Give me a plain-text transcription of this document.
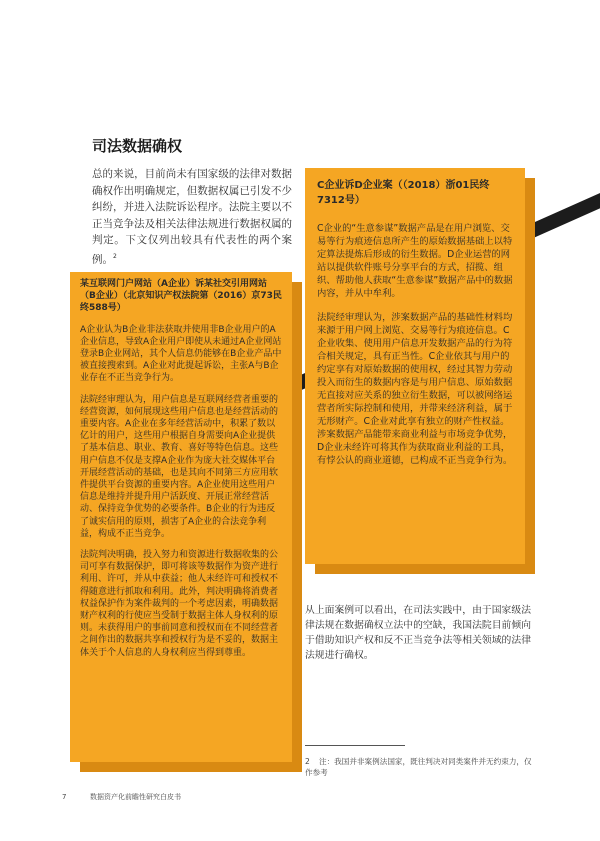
司法数据确权

总的来说，目前尚未有国家级的法律对数据确权作出明确规定，但数据权属已引发不少纠纷，并进入法院诉讼程序。法院主要以不正当竞争法及相关法律法规进行数据权属的判定。下文仅列出较具有代表性的两个案例。$^2$

某互联网门户网站（A企业）诉某社交引用网站（B企业）（北京知识产权法院第（2016）京73民终588号）

A企业认为B企业非法获取并使用非B企业用户的A企业信息，导致A企业用户即使从未通过A企业网站登录B企业网站，其个人信息仍能够在B企业产品中被直接搜索到。A企业对此提起诉讼，主张A与B企业存在不正当竞争行为。

法院经审理认为，用户信息是互联网经营者重要的经营资源，如何展现这些用户信息也是经营活动的重要内容。A企业在多年经营活动中，积累了数以亿计的用户，这些用户根据自身需要向A企业提供了基本信息、职业、教育、喜好等特色信息。这些用户信息不仅是支撑A企业作为庞大社交媒体平台开展经营活动的基础，也是其向不同第三方应用软件提供平台资源的重要内容。A企业使用这些用户信息是维持并提升用户活跃度、开展正常经营活动、保持竞争优势的必要条件。B企业的行为违反了诚实信用的原则，损害了A企业的合法竞争利益，构成不正当竞争。

法院判决明确，投入努力和资源进行数据收集的公司可享有数据保护，即可将该等数据作为资产进行利用、许可，并从中获益；他人未经许可和授权不得随意进行抓取和利用。此外，判决明确将消费者权益保护作为案件裁判的一个考虑因素，明确数据财产权利的行使应当受制于数据主体人身权利的原则。未获得用户的事前同意和授权而在不同经营者之间作出的数据共享和授权行为是不妥的，数据主体关于个人信息的人身权利应当得到尊重。

C企业诉D企业案（（2018）浙01民终7312号）

C企业的“生意参谋”数据产品是在用户浏览、交易等行为痕迹信息所产生的原始数据基础上以特定算法提炼后形成的衍生数据。D企业运营的网站以提供软件账号分享平台的方式，招揽、组织、帮助他人获取“生意参谋”数据产品中的数据内容，并从中牟利。

法院经审理认为，涉案数据产品的基础性材料均来源于用户网上浏览、交易等行为痕迹信息。C企业收集、使用用户信息开发数据产品的行为符合相关规定，具有正当性。C企业依其与用户的约定享有对原始数据的使用权，经过其智力劳动投入而衍生的数据内容是与用户信息、原始数据无直接对应关系的独立衍生数据，可以被网络运营者所实际控制和使用，并带来经济利益，属于无形财产。C企业对此享有独立的财产性权益。涉案数据产品能带来商业利益与市场竞争优势，D企业未经许可将其作为获取商业利益的工具，有悖公认的商业道德，已构成不正当竞争行为。

从上面案例可以看出，在司法实践中，由于国家级法律法规在数据确权立法中的空缺，我国法院目前倾向于借助知识产权和反不正当竞争法等相关领域的法律法规进行确权。

2 注：我国并非案例法国家，既往判决对同类案件并无约束力，仅作参考

7	数据资产化前瞻性研究白皮书
